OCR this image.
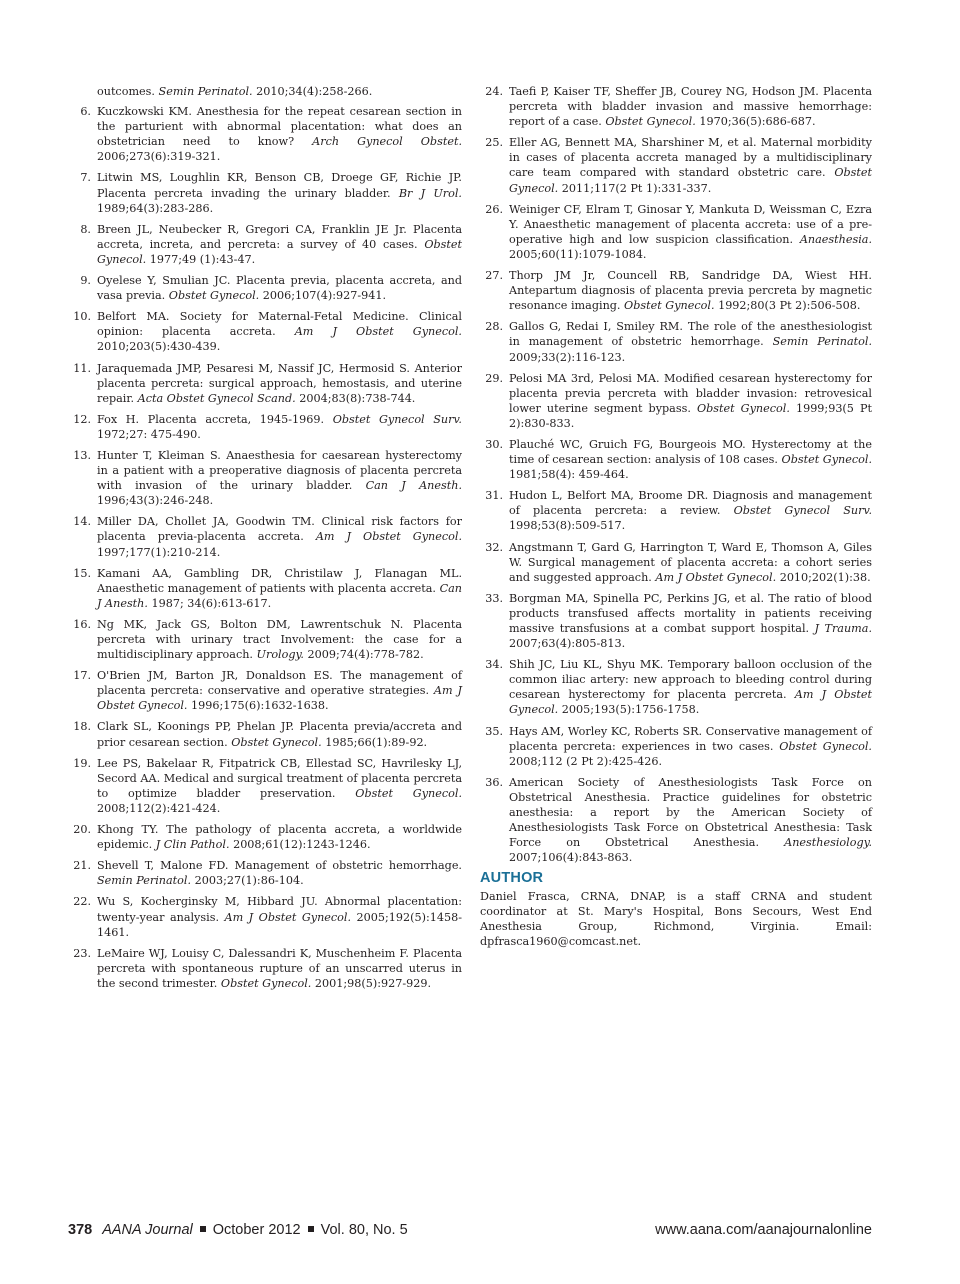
outcomes. Semin Perinatol. 2010;34(4):258-266.
6. Kuczkowski KM. Anesthesia for the repeat cesarean section in the parturient with abnormal placentation: what does an obstetrician need to know? Arch Gynecol Obstet. 2006;273(6):319-321.
7. Litwin MS, Loughlin KR, Benson CB, Droege GF, Richie JP. Placenta percreta invading the urinary bladder. Br J Urol. 1989;64(3):283-286.
8. Breen JL, Neubecker R, Gregori CA, Franklin JE Jr. Placenta accreta, increta, and percreta: a survey of 40 cases. Obstet Gynecol. 1977;49 (1):43-47.
9. Oyelese Y, Smulian JC. Placenta previa, placenta accreta, and vasa previa. Obstet Gynecol. 2006;107(4):927-941.
10. Belfort MA. Society for Maternal-Fetal Medicine. Clinical opinion: placenta accreta. Am J Obstet Gynecol. 2010;203(5):430-439.
11. Jaraquemada JMP, Pesaresi M, Nassif JC, Hermosid S. Anterior placenta percreta: surgical approach, hemostasis, and uterine repair. Acta Obstet Gynecol Scand. 2004;83(8):738-744.
12. Fox H. Placenta accreta, 1945-1969. Obstet Gynecol Surv. 1972;27: 475-490.
13. Hunter T, Kleiman S. Anaesthesia for caesarean hysterectomy in a patient with a preoperative diagnosis of placenta percreta with invasion of the urinary bladder. Can J Anesth. 1996;43(3):246-248.
14. Miller DA, Chollet JA, Goodwin TM. Clinical risk factors for placenta previa-placenta accreta. Am J Obstet Gynecol. 1997;177(1):210-214.
15. Kamani AA, Gambling DR, Christilaw J, Flanagan ML. Anaesthetic management of patients with placenta accreta. Can J Anesth. 1987; 34(6):613-617.
16. Ng MK, Jack GS, Bolton DM, Lawrentschuk N. Placenta percreta with urinary tract Involvement: the case for a multidisciplinary approach. Urology. 2009;74(4):778-782.
17. O'Brien JM, Barton JR, Donaldson ES. The management of placenta percreta: conservative and operative strategies. Am J Obstet Gynecol. 1996;175(6):1632-1638.
18. Clark SL, Koonings PP, Phelan JP. Placenta previa/accreta and prior cesarean section. Obstet Gynecol. 1985;66(1):89-92.
19. Lee PS, Bakelaar R, Fitpatrick CB, Ellestad SC, Havrilesky LJ, Secord AA. Medical and surgical treatment of placenta percreta to optimize bladder preservation. Obstet Gynecol. 2008;112(2):421-424.
20. Khong TY. The pathology of placenta accreta, a worldwide epidemic. J Clin Pathol. 2008;61(12):1243-1246.
21. Shevell T, Malone FD. Management of obstetric hemorrhage. Semin Perinatol. 2003;27(1):86-104.
22. Wu S, Kocherginsky M, Hibbard JU. Abnormal placentation: twenty-year analysis. Am J Obstet Gynecol. 2005;192(5):1458-1461.
23. LeMaire WJ, Louisy C, Dalessandri K, Muschenheim F. Placenta percreta with spontaneous rupture of an unscarred uterus in the second trimester. Obstet Gynecol. 2001;98(5):927-929.
24. Taefi P, Kaiser TF, Sheffer JB, Courey NG, Hodson JM. Placenta percreta with bladder invasion and massive hemorrhage: report of a case. Obstet Gynecol. 1970;36(5):686-687.
25. Eller AG, Bennett MA, Sharshiner M, et al. Maternal morbidity in cases of placenta accreta managed by a multidisciplinary care team compared with standard obstetric care. Obstet Gynecol. 2011;117(2 Pt 1):331-337.
26. Weiniger CF, Elram T, Ginosar Y, Mankuta D, Weissman C, Ezra Y. Anaesthetic management of placenta accreta: use of a pre-operative high and low suspicion classification. Anaesthesia. 2005;60(11):1079-1084.
27. Thorp JM Jr, Councell RB, Sandridge DA, Wiest HH. Antepartum diagnosis of placenta previa percreta by magnetic resonance imaging. Obstet Gynecol. 1992;80(3 Pt 2):506-508.
28. Gallos G, Redai I, Smiley RM. The role of the anesthesiologist in management of obstetric hemorrhage. Semin Perinatol. 2009;33(2):116-123.
29. Pelosi MA 3rd, Pelosi MA. Modified cesarean hysterectomy for placenta previa percreta with bladder invasion: retrovesical lower uterine segment bypass. Obstet Gynecol. 1999;93(5 Pt 2):830-833.
30. Plauché WC, Gruich FG, Bourgeois MO. Hysterectomy at the time of cesarean section: analysis of 108 cases. Obstet Gynecol. 1981;58(4): 459-464.
31. Hudon L, Belfort MA, Broome DR. Diagnosis and management of placenta percreta: a review. Obstet Gynecol Surv. 1998;53(8):509-517.
32. Angstmann T, Gard G, Harrington T, Ward E, Thomson A, Giles W. Surgical management of placenta accreta: a cohort series and suggested approach. Am J Obstet Gynecol. 2010;202(1):38.
33. Borgman MA, Spinella PC, Perkins JG, et al. The ratio of blood products transfused affects mortality in patients receiving massive transfusions at a combat support hospital. J Trauma. 2007;63(4):805-813.
34. Shih JC, Liu KL, Shyu MK. Temporary balloon occlusion of the common iliac artery: new approach to bleeding control during cesarean hysterectomy for placenta percreta. Am J Obstet Gynecol. 2005;193(5):1756-1758.
35. Hays AM, Worley KC, Roberts SR. Conservative management of placenta percreta: experiences in two cases. Obstet Gynecol. 2008;112 (2 Pt 2):425-426.
36. American Society of Anesthesiologists Task Force on Obstetrical Anesthesia. Practice guidelines for obstetric anesthesia: a report by the American Society of Anesthesiologists Task Force on Obstetrical Anesthesia: Task Force on Obstetrical Anesthesia. Anesthesiology. 2007;106(4):843-863.
AUTHOR
Daniel Frasca, CRNA, DNAP, is a staff CRNA and student coordinator at St. Mary's Hospital, Bons Secours, West End Anesthesia Group, Richmond, Virginia. Email: dpfrasca1960@comcast.net.
378 AANA Journal October 2012 Vol. 80, No. 5	www.aana.com/aanajournalonline
